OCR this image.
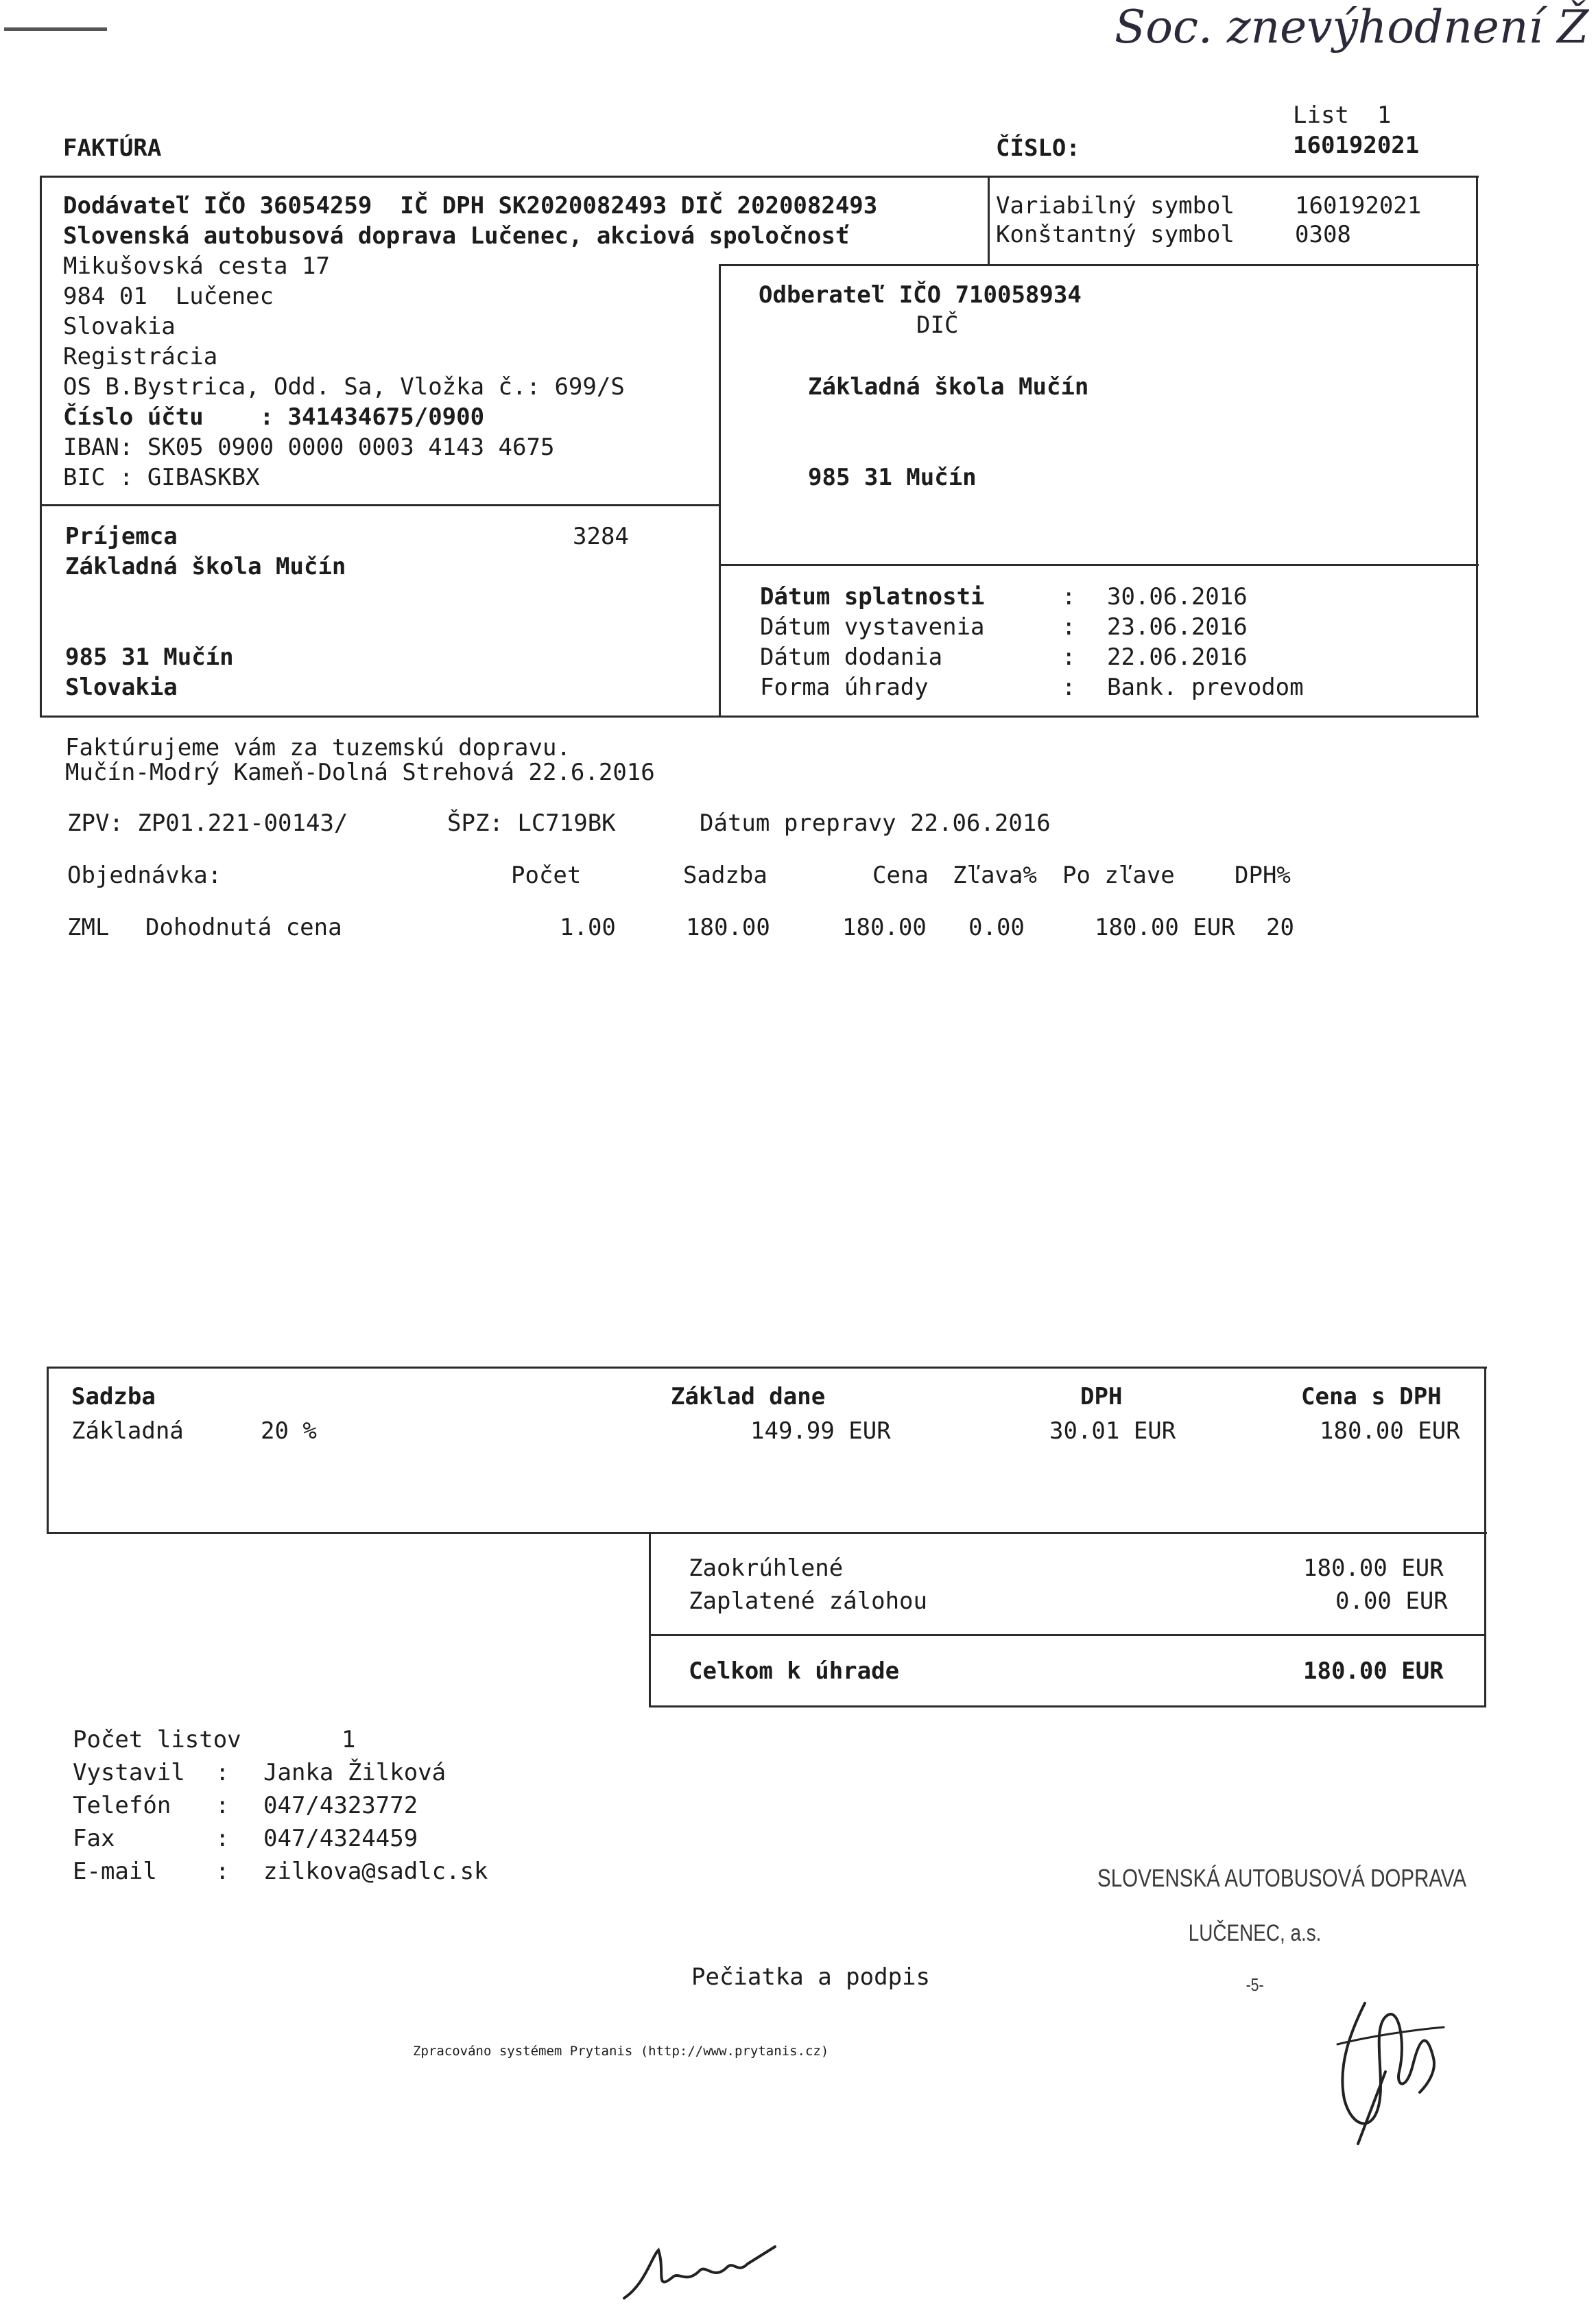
Soc. znevýhodnení Ž
FAKTÚRA	ČÍSLO:
List  1
160192021
Dodávateľ IČO 36054259  IČ DPH SK2020082493 DIČ 2020082493
Slovenská autobusová doprava Lučenec, akciová spoločnosť
Mikušovská cesta 17
984 01  Lučenec
Slovakia
Registrácia
OS B.Bystrica, Odd. Sa, Vložka č.: 699/S
Číslo účtu    : 341434675/0900
IBAN: SK05 0900 0000 0003 4143 4675
BIC : GIBASKBX
Variabilný symbol	160192021
Konštantný symbol	0308
Odberateľ IČO 710058934
DIČ
Základná škola Mučín
985 31 Mučín
Príjemca	3284
Základná škola Mučín
985 31 Mučín
Slovakia
Dátum splatnosti	: 30.06.2016
Dátum vystavenia	: 23.06.2016
Dátum dodania	: 22.06.2016
Forma úhrady	: Bank. prevodom
Faktúrujeme vám za tuzemskú dopravu.
Mučín-Modrý Kameň-Dolná Strehová 22.6.2016
ZPV: ZP01.221-00143/	ŠPZ: LC719BK	Dátum prepravy 22.06.2016
Objednávka:	Počet	Sadzba	Cena Zľava% Po zľave	DPH%
ZML Dohodnutá cena	1.00	180.00	180.00 0.00	180.00 EUR 20
Sadzba	Základ dane	DPH	Cena s DPH
Základná	20 %	149.99 EUR	30.01 EUR	180.00 EUR
Zaokrúhlené	180.00 EUR
Zaplatené zálohou	0.00 EUR
Celkom k úhrade	180.00 EUR
Počet listov	1
Vystavil : Janka Žilková
Telefón : 047/4323772
Fax	: 047/4324459
E-mail	: zilkova@sadlc.sk

	SLOVENSKÁ AUTOBUSOVÁ DOPRAVA

LUČENEC, a.s.

-5-

Pečiatka a podpis
Zpracováno systémem Prytanis (http://www.prytanis.cz)
